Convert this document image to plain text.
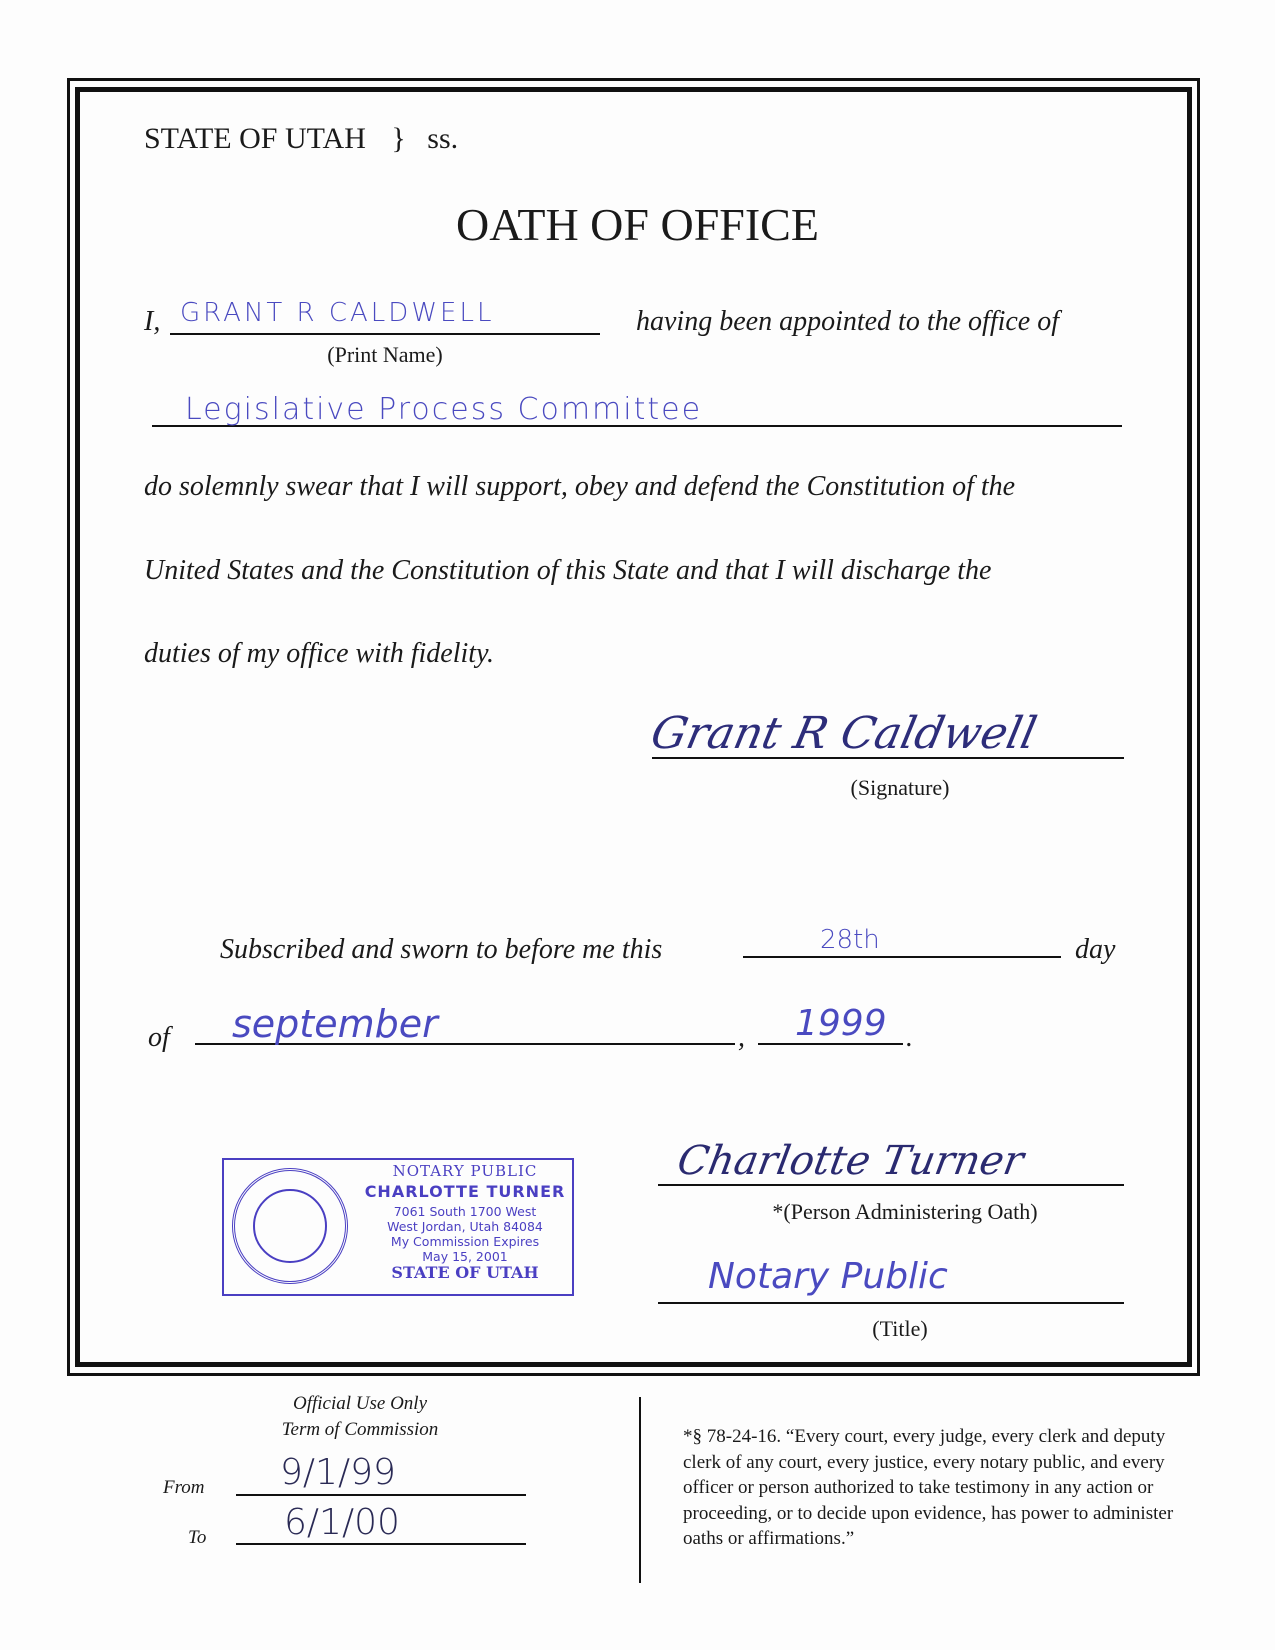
STATE OF UTAH } ss.
OATH OF OFFICE
I, GRANT R CALDWELL	having been appointed to the office of
(Print Name)
Legislative Process Committee
do solemnly swear that I will support, obey and defend the Constitution of the
United States and the Constitution of this State and that I will discharge the
duties of my office with fidelity.
Grant R Caldwell
(Signature)
Subscribed and sworn to before me this	28th	day
of september	, 1999 .
NOTARY PUBLIC
CHARLOTTE TURNER
7061 South 1700 West
West Jordan, Utah 84084
My Commission Expires
May 15, 2001
STATE OF UTAH
Charlotte Turner
*(Person Administering Oath)
Notary Public
(Title)
Official Use Only
Term of Commission
From 9/1/99
To 6/1/00
*§ 78-24-16. “Every court, every judge, every clerk and deputy clerk of any court, every justice, every notary public, and every officer or person authorized to take testimony in any action or proceeding, or to decide upon evidence, has power to administer oaths or affirmations.”
